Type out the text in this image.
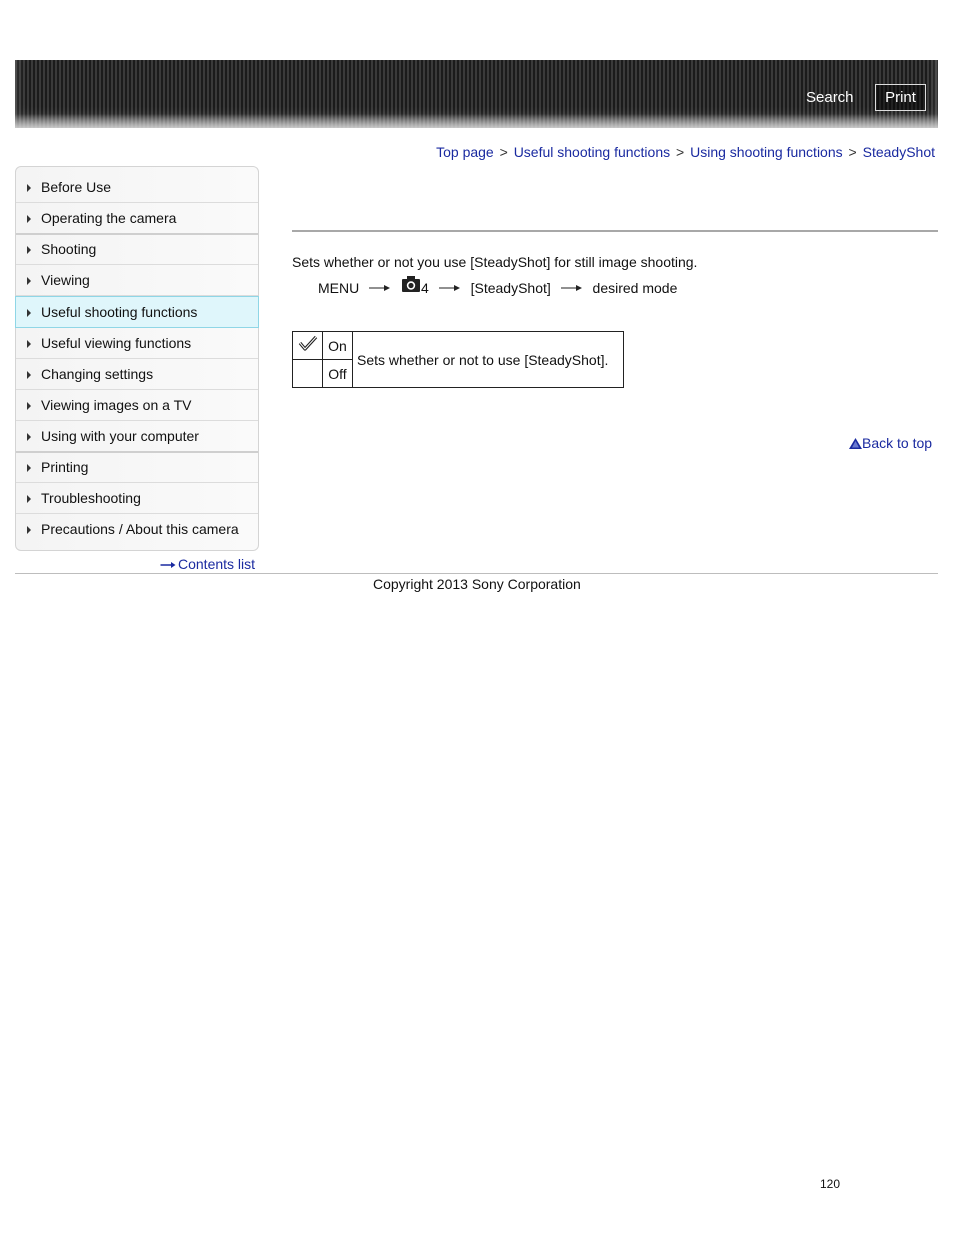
Search	Print
Top page > Useful shooting functions > Using shooting functions > SteadyShot
Before Use
Operating the camera
Shooting
Viewing
Useful shooting functions
Useful viewing functions
Changing settings
Viewing images on a TV
Using with your computer
Printing
Troubleshooting
Precautions / About this camera
Contents list
Sets whether or not you use [SteadyShot] for still image shooting.
MENU	4	[SteadyShot]	desired mode
	On	Sets whether or not to use [SteadyShot].
	Off	
Back to top
Copyright 2013 Sony Corporation
120
